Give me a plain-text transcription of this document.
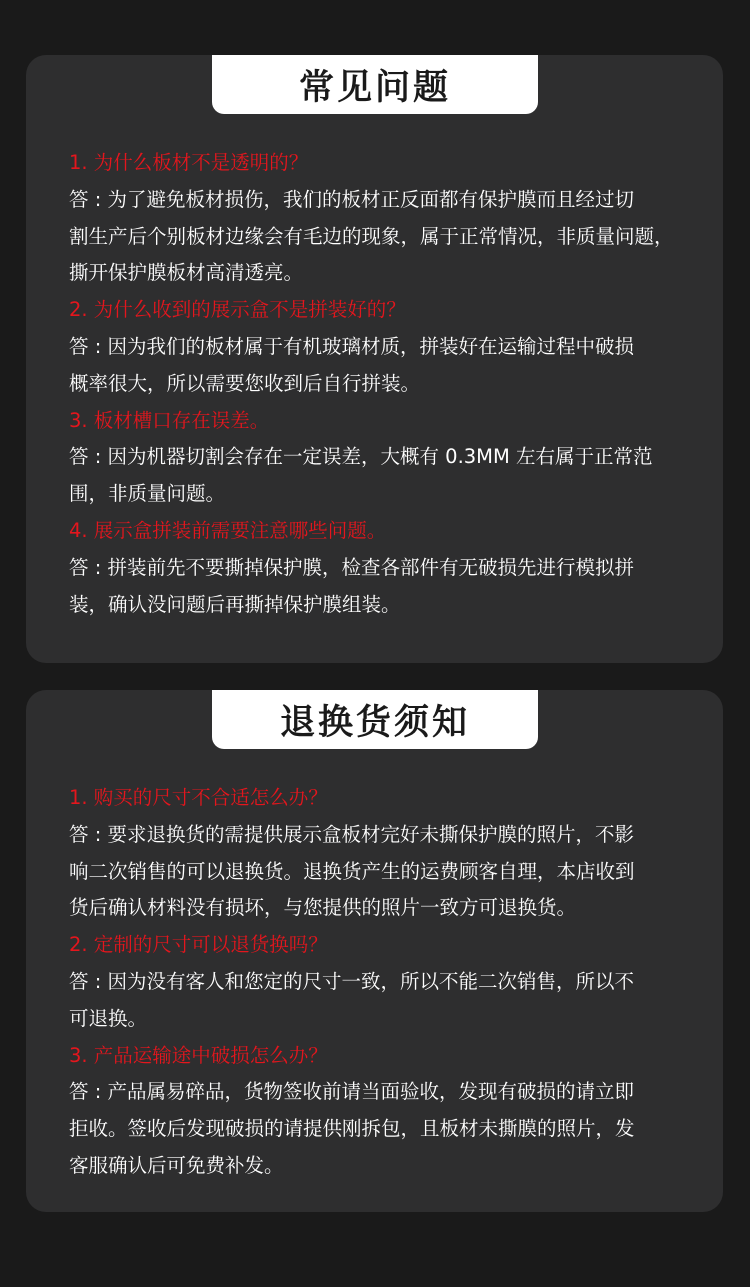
常见问题
1. 为什么板材不是透明的？
答 : 为了避免板材损伤，我们的板材正反面都有保护膜而且经过切
割生产后个别板材边缘会有毛边的现象，属于正常情况，非质量问题，
撕开保护膜板材高清透亮。
2. 为什么收到的展示盒不是拼装好的？
答 : 因为我们的板材属于有机玻璃材质，拼装好在运输过程中破损
概率很大，所以需要您收到后自行拼装。
3. 板材槽口存在误差。
答 : 因为机器切割会存在一定误差，大概有 0.3MM 左右属于正常范
围，非质量问题。
4. 展示盒拼装前需要注意哪些问题。
答 : 拼装前先不要撕掉保护膜，检查各部件有无破损先进行模拟拼
装，确认没问题后再撕掉保护膜组装。
退换货须知
1. 购买的尺寸不合适怎么办？
答 : 要求退换货的需提供展示盒板材完好未撕保护膜的照片，不影
响二次销售的可以退换货。退换货产生的运费顾客自理，本店收到
货后确认材料没有损坏，与您提供的照片一致方可退换货。
2. 定制的尺寸可以退货换吗？
答 : 因为没有客人和您定的尺寸一致，所以不能二次销售，所以不
可退换。
3. 产品运输途中破损怎么办？
答 : 产品属易碎品，货物签收前请当面验收，发现有破损的请立即
拒收。签收后发现破损的请提供刚拆包，且板材未撕膜的照片，发
客服确认后可免费补发。
